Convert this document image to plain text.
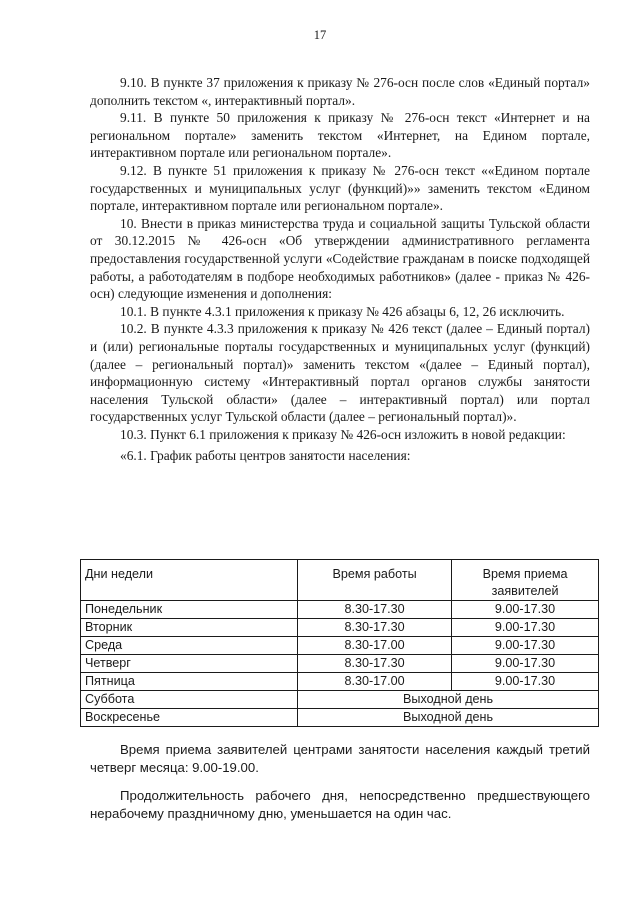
17

9.10. В пункте 37 приложения к приказу № 276-осн после слов «Единый портал» дополнить текстом «, интерактивный портал».

9.11. В пункте 50 приложения к приказу № 276-осн текст «Интернет и на региональном портале» заменить текстом «Интернет, на Едином портале, интерактивном портале или региональном портале».

9.12. В пункте 51 приложения к приказу № 276-осн текст ««Едином портале государственных и муниципальных услуг (функций)»» заменить текстом «Едином портале, интерактивном портале или региональном портале».

10. Внести в приказ министерства труда и социальной защиты Тульской области от 30.12.2015 № 426-осн «Об утверждении административного регламента предоставления государственной услуги «Содействие гражданам в поиске подходящей работы, а работодателям в подборе необходимых работников» (далее - приказ № 426-осн) следующие изменения и дополнения:

10.1. В пункте 4.3.1 приложения к приказу № 426 абзацы 6, 12, 26 исключить.

10.2. В пункте 4.3.3 приложения к приказу № 426 текст (далее – Единый портал) и (или) региональные порталы государственных и муниципальных услуг (функций) (далее – региональный портал)» заменить текстом «(далее – Единый портал), информационную систему «Интерактивный портал органов службы занятости населения Тульской области» (далее – интерактивный портал) или портал государственных услуг Тульской области (далее – региональный портал)».

10.3. Пункт 6.1 приложения к приказу № 426-осн изложить в новой редакции:

«6.1. График работы центров занятости населения:

Дни недели	Время работы	Время приема заявителей
Понедельник	8.30-17.30	9.00-17.30
Вторник	8.30-17.30	9.00-17.30
Среда	8.30-17.00	9.00-17.30
Четверг	8.30-17.30	9.00-17.30
Пятница	8.30-17.00	9.00-17.30
Суббота	Выходной день	
Воскресенье	Выходной день	

Время приема заявителей центрами занятости населения каждый третий четверг месяца: 9.00-19.00.

Продолжительность рабочего дня, непосредственно предшествующего нерабочему праздничному дню, уменьшается на один час.
